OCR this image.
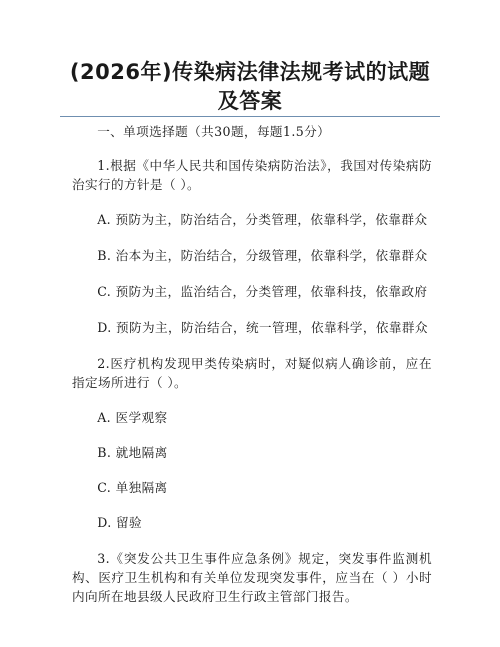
(2026年)传染病法律法规考试的试题及答案

一、单项选择题（共30题，每题1.5分）

1.根据《中华人民共和国传染病防治法》，我国对传染病防治实行的方针是（ ）。

A. 预防为主，防治结合，分类管理，依靠科学，依靠群众

B. 治本为主，防治结合，分级管理，依靠科学，依靠群众

C. 预防为主，监治结合，分类管理，依靠科技，依靠政府

D. 预防为主，防治结合，统一管理，依靠科学，依靠群众

2.医疗机构发现甲类传染病时，对疑似病人确诊前，应在指定场所进行（ ）。

A. 医学观察

B. 就地隔离

C. 单独隔离

D. 留验

3.《突发公共卫生事件应急条例》规定，突发事件监测机构、医疗卫生机构和有关单位发现突发事件，应当在（ ）小时内向所在地县级人民政府卫生行政主管部门报告。
